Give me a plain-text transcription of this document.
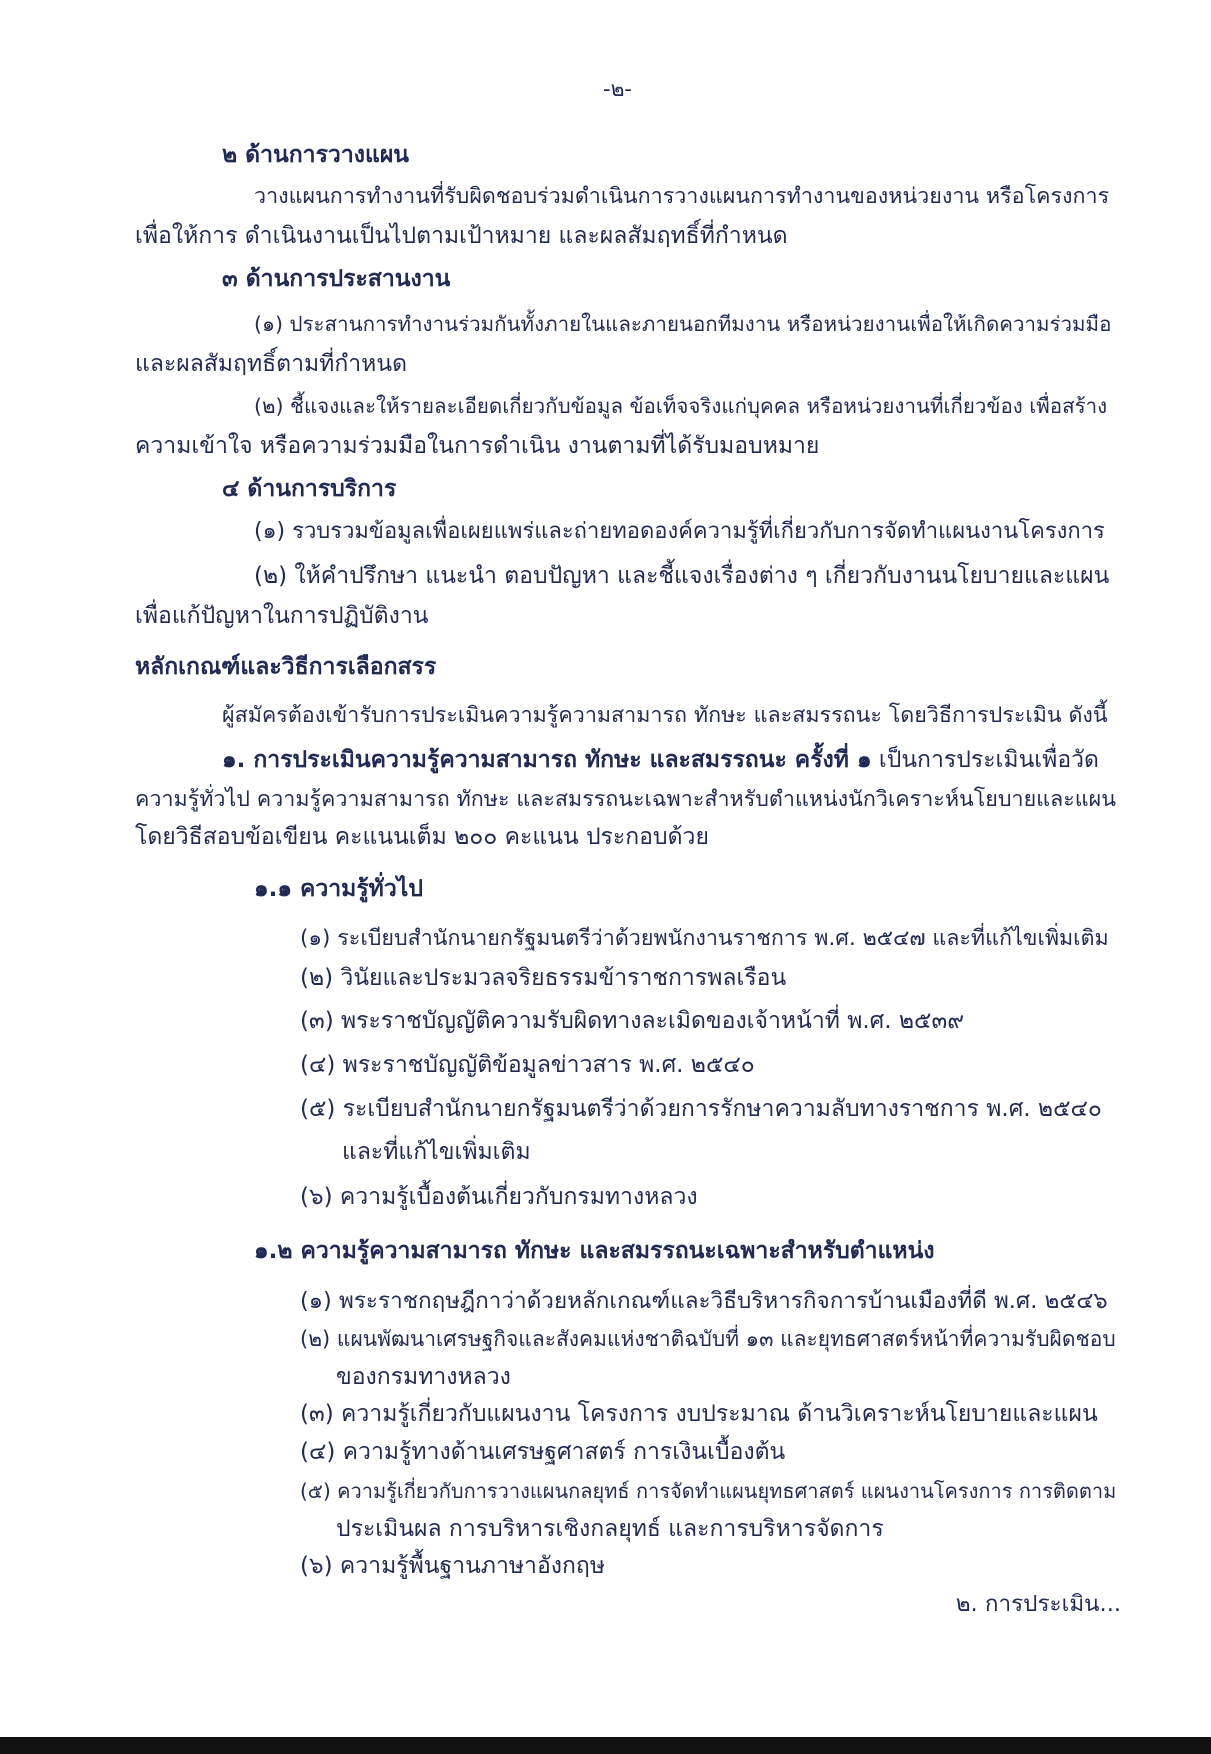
-๒-
๒ ด้านการวางแผน
วางแผนการทำงานที่รับผิดชอบร่วมดำเนินการวางแผนการทำงานของหน่วยงาน หรือโครงการ
เพื่อให้การ ดำเนินงานเป็นไปตามเป้าหมาย และผลสัมฤทธิ์ที่กำหนด
๓ ด้านการประสานงาน
(๑) ประสานการทำงานร่วมกันทั้งภายในและภายนอกทีมงาน หรือหน่วยงานเพื่อให้เกิดความร่วมมือ
และผลสัมฤทธิ์ตามที่กำหนด
(๒) ชี้แจงและให้รายละเอียดเกี่ยวกับข้อมูล ข้อเท็จจริงแก่บุคคล หรือหน่วยงานที่เกี่ยวข้อง เพื่อสร้าง
ความเข้าใจ หรือความร่วมมือในการดำเนิน งานตามที่ได้รับมอบหมาย
๔ ด้านการบริการ
(๑) รวบรวมข้อมูลเพื่อเผยแพร่และถ่ายทอดองค์ความรู้ที่เกี่ยวกับการจัดทำแผนงานโครงการ
(๒) ให้คำปรึกษา แนะนำ ตอบปัญหา และชี้แจงเรื่องต่าง ๆ เกี่ยวกับงานนโยบายและแผน
เพื่อแก้ปัญหาในการปฏิบัติงาน
หลักเกณฑ์และวิธีการเลือกสรร
ผู้สมัครต้องเข้ารับการประเมินความรู้ความสามารถ ทักษะ และสมรรถนะ โดยวิธีการประเมิน ดังนี้
๑. การประเมินความรู้ความสามารถ ทักษะ และสมรรถนะ ครั้งที่ ๑ เป็นการประเมินเพื่อวัด
ความรู้ทั่วไป ความรู้ความสามารถ ทักษะ และสมรรถนะเฉพาะสำหรับตำแหน่งนักวิเคราะห์นโยบายและแผน
โดยวิธีสอบข้อเขียน คะแนนเต็ม ๒๐๐ คะแนน ประกอบด้วย
๑.๑ ความรู้ทั่วไป
(๑) ระเบียบสำนักนายกรัฐมนตรีว่าด้วยพนักงานราชการ พ.ศ. ๒๕๔๗ และที่แก้ไขเพิ่มเติม
(๒) วินัยและประมวลจริยธรรมข้าราชการพลเรือน
(๓) พระราชบัญญัติความรับผิดทางละเมิดของเจ้าหน้าที่ พ.ศ. ๒๕๓๙
(๔) พระราชบัญญัติข้อมูลข่าวสาร พ.ศ. ๒๕๔๐
(๕) ระเบียบสำนักนายกรัฐมนตรีว่าด้วยการรักษาความลับทางราชการ พ.ศ. ๒๕๔๐
และที่แก้ไขเพิ่มเติม
(๖) ความรู้เบื้องต้นเกี่ยวกับกรมทางหลวง
๑.๒ ความรู้ความสามารถ ทักษะ และสมรรถนะเฉพาะสำหรับตำแหน่ง
(๑) พระราชกฤษฎีกาว่าด้วยหลักเกณฑ์และวิธีบริหารกิจการบ้านเมืองที่ดี พ.ศ. ๒๕๔๖
(๒) แผนพัฒนาเศรษฐกิจและสังคมแห่งชาติฉบับที่ ๑๓ และยุทธศาสตร์หน้าที่ความรับผิดชอบ
ของกรมทางหลวง
(๓) ความรู้เกี่ยวกับแผนงาน โครงการ งบประมาณ ด้านวิเคราะห์นโยบายและแผน
(๔) ความรู้ทางด้านเศรษฐศาสตร์ การเงินเบื้องต้น
(๕) ความรู้เกี่ยวกับการวางแผนกลยุทธ์ การจัดทำแผนยุทธศาสตร์ แผนงานโครงการ การติดตาม
ประเมินผล การบริหารเชิงกลยุทธ์ และการบริหารจัดการ
(๖) ความรู้พื้นฐานภาษาอังกฤษ
๒. การประเมิน...
